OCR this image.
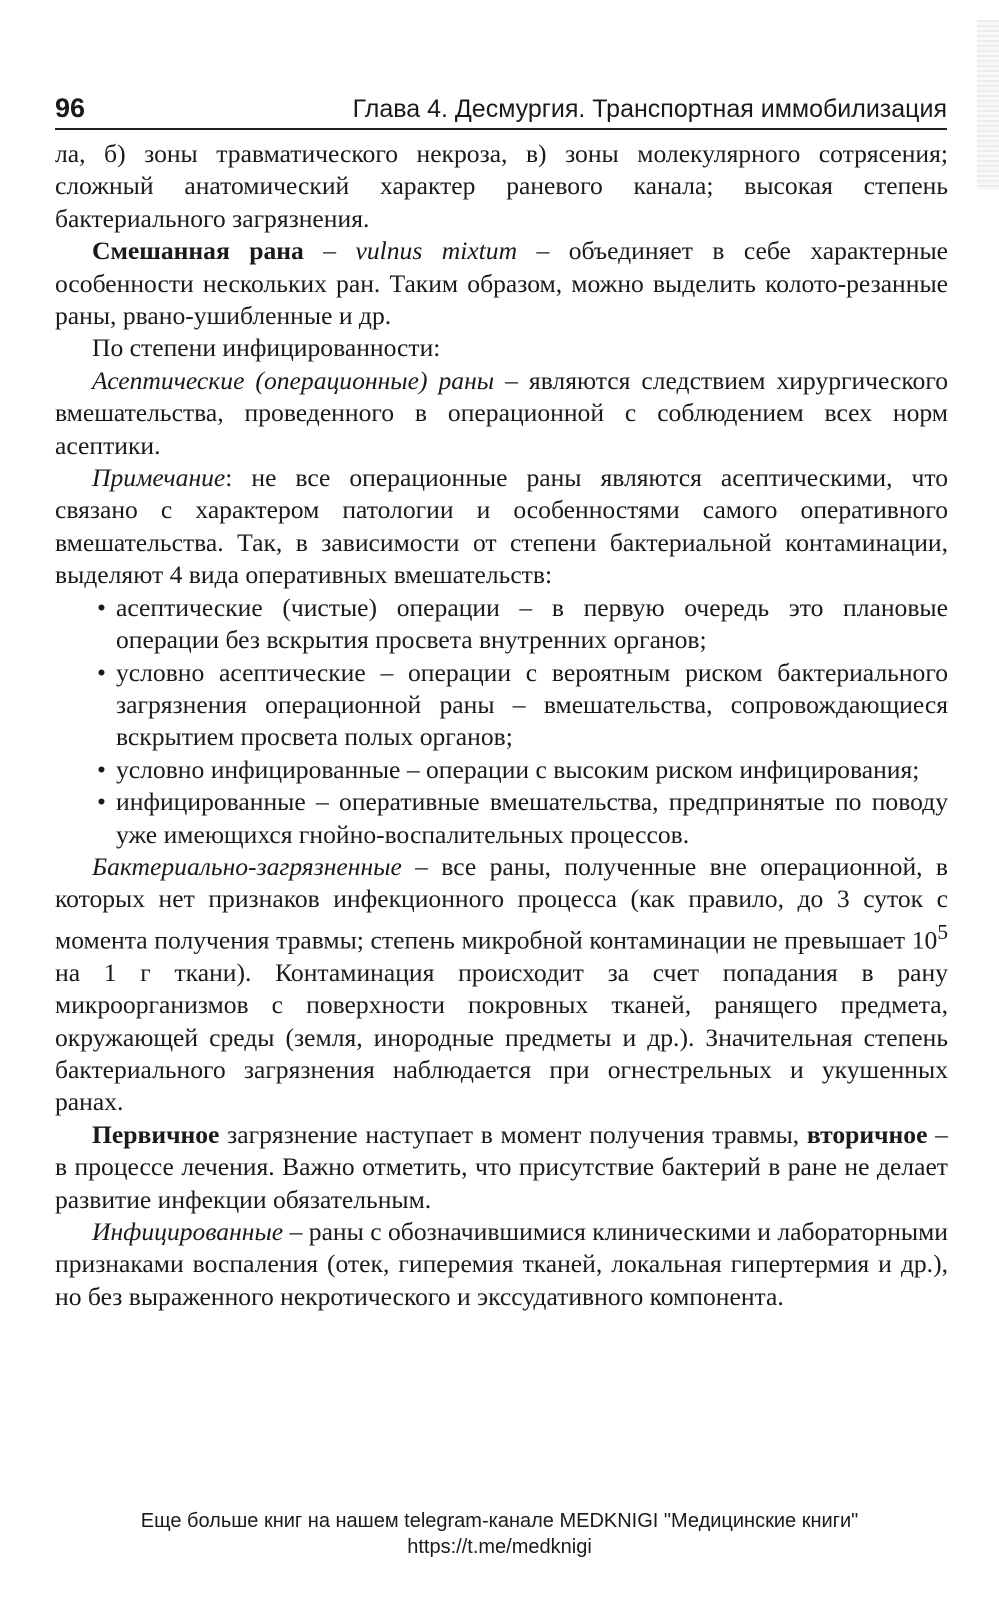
96	Глава 4. Десмургия. Транспортная иммобилизация

ла, б) зоны травматического некроза, в) зоны молекулярного сотрясения; сложный анатомический характер раневого канала; высокая степень бактериального загрязнения.

Смешанная рана – vulnus mixtum – объединяет в себе характерные особенности нескольких ран. Таким образом, можно выделить колото-резанные раны, рвано-ушибленные и др.

По степени инфицированности:

Асептические (операционные) раны – являются следствием хирургического вмешательства, проведенного в операционной с соблюдением всех норм асептики.

Примечание: не все операционные раны являются асептическими, что связано с характером патологии и особенностями самого оперативного вмешательства. Так, в зависимости от степени бактериальной контаминации, выделяют 4 вида оперативных вмешательств:

• асептические (чистые) операции – в первую очередь это плановые операции без вскрытия просвета внутренних органов;
• условно асептические – операции с вероятным риском бактериального загрязнения операционной раны – вмешательства, сопровождающиеся вскрытием просвета полых органов;
• условно инфицированные – операции с высоким риском инфицирования;
• инфицированные – оперативные вмешательства, предпринятые по поводу уже имеющихся гнойно-воспалительных процессов.

Бактериально-загрязненные – все раны, полученные вне операционной, в которых нет признаков инфекционного процесса (как правило, до 3 суток с момента получения травмы; степень микробной контаминации не превышает $10^5$ на 1 г ткани). Контаминация происходит за счет попадания в рану микроорганизмов с поверхности покровных тканей, ранящего предмета, окружающей среды (земля, инородные предметы и др.). Значительная степень бактериального загрязнения наблюдается при огнестрельных и укушенных ранах.

Первичное загрязнение наступает в момент получения травмы, вторичное – в процессе лечения. Важно отметить, что присутствие бактерий в ране не делает развитие инфекции обязательным.

Инфицированные – раны с обозначившимися клиническими и лабораторными признаками воспаления (отек, гиперемия тканей, локальная гипертермия и др.), но без выраженного некротического и экссудативного компонента.

Еще больше книг на нашем telegram-канале MEDKNIGI "Медицинские книги"
https://t.me/medknigi
